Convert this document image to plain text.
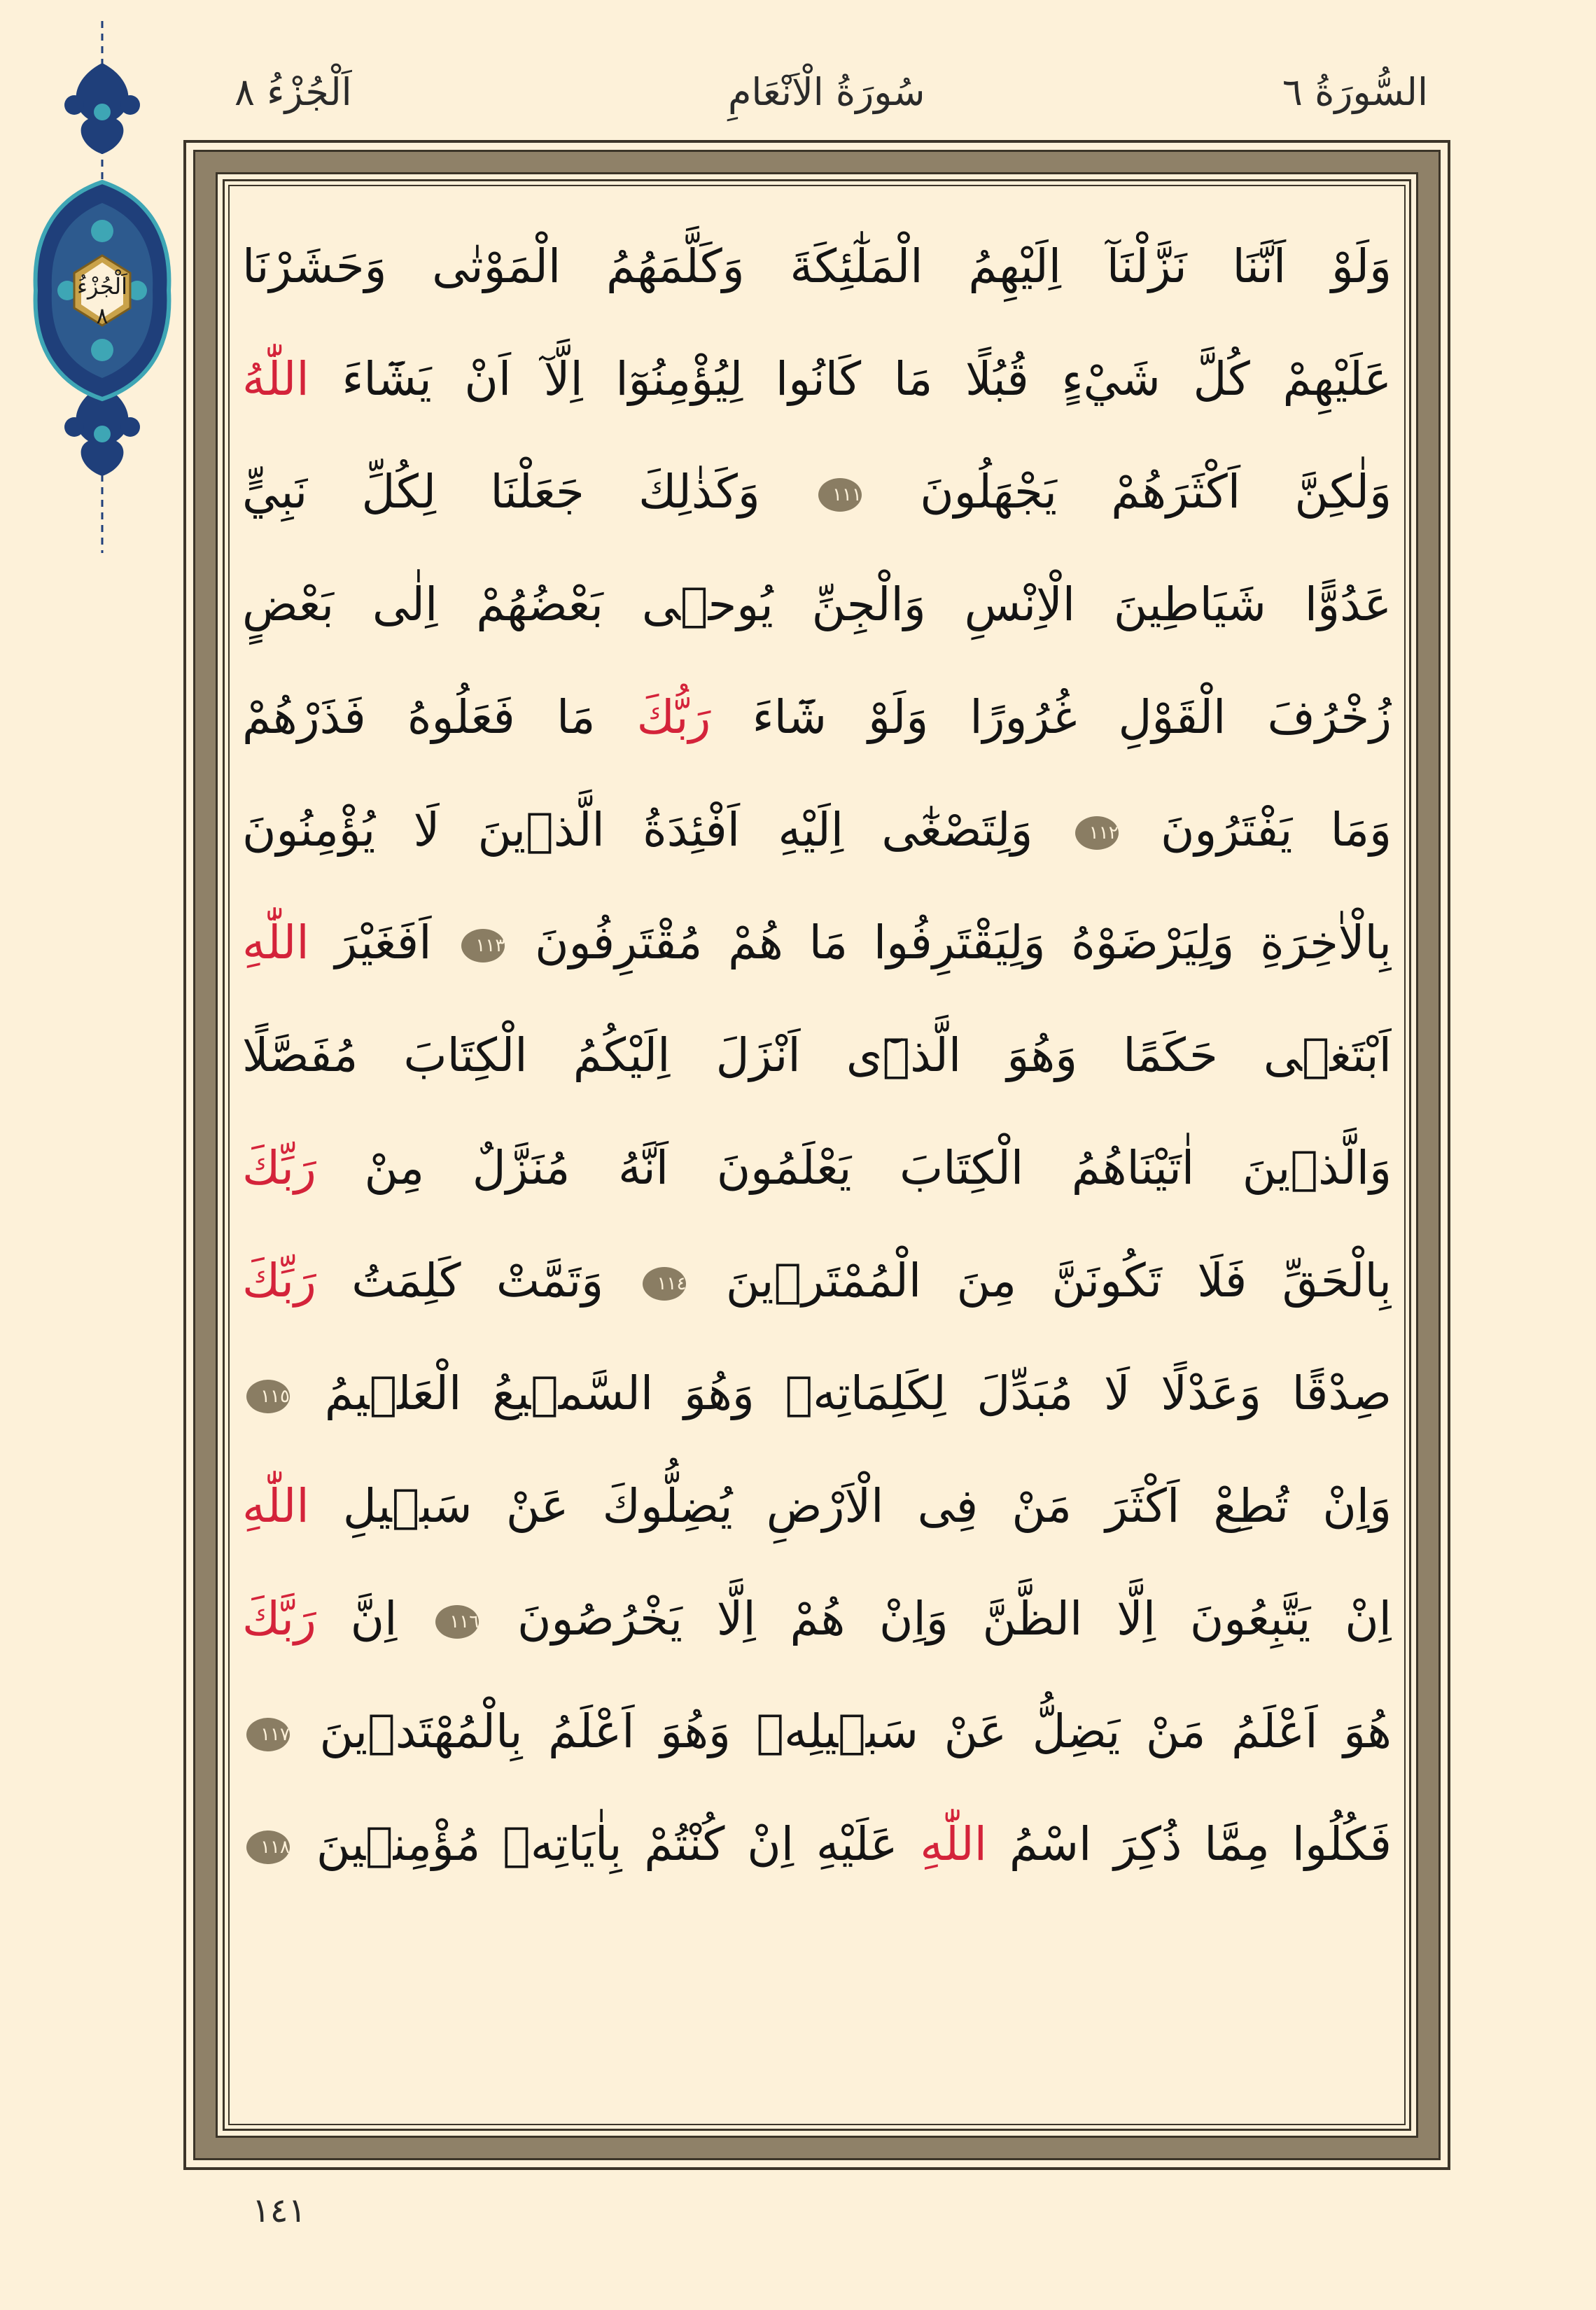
السُّورَةُ ٦
سُورَةُ الْاَنْعَامِ
اَلْجُزْءُ ٨
اَلْجُزْءُ
٨
وَلَوْ اَنَّنَا نَزَّلْنَآ اِلَيْهِمُ الْمَلٰٓئِكَةَ وَكَلَّمَهُمُ الْمَوْتٰى وَحَشَرْنَا
عَلَيْهِمْ كُلَّ شَيْءٍ قُبُلًا مَا كَانُوا لِيُؤْمِنُوٓا اِلَّآ اَنْ يَشَٓاءَ اللّٰهُ
وَلٰكِنَّ اَكْثَرَهُمْ يَجْهَلُونَ ١١١ وَكَذٰلِكَ جَعَلْنَا لِكُلِّ نَبِيٍّ
عَدُوًّا شَيَاطِينَ الْاِنْسِ وَالْجِنِّ يُوحٖى بَعْضُهُمْ اِلٰى بَعْضٍ
زُخْرُفَ الْقَوْلِ غُرُورًا وَلَوْ شَٓاءَ رَبُّكَ مَا فَعَلُوهُ فَذَرْهُمْ
وَمَا يَفْتَرُونَ ١١٢ وَلِتَصْغٰٓى اِلَيْهِ اَفْئِدَةُ الَّذٖينَ لَا يُؤْمِنُونَ
بِالْاٰخِرَةِ وَلِيَرْضَوْهُ وَلِيَقْتَرِفُوا مَا هُمْ مُقْتَرِفُونَ ١١٣ اَفَغَيْرَ اللّٰهِ
اَبْتَغٖى حَكَمًا وَهُوَ الَّذٖٓى اَنْزَلَ اِلَيْكُمُ الْكِتَابَ مُفَصَّلًا
وَالَّذٖينَ اٰتَيْنَاهُمُ الْكِتَابَ يَعْلَمُونَ اَنَّهُ مُنَزَّلٌ مِنْ رَبِّكَ
بِالْحَقِّ فَلَا تَكُونَنَّ مِنَ الْمُمْتَرٖينَ ١١٤ وَتَمَّتْ كَلِمَتُ رَبِّكَ
صِدْقًا وَعَدْلًا لَا مُبَدِّلَ لِكَلِمَاتِهٖ وَهُوَ السَّمٖيعُ الْعَلٖيمُ ١١٥
وَاِنْ تُطِعْ اَكْثَرَ مَنْ فِى الْاَرْضِ يُضِلُّوكَ عَنْ سَبٖيلِ اللّٰهِ
اِنْ يَتَّبِعُونَ اِلَّا الظَّنَّ وَاِنْ هُمْ اِلَّا يَخْرُصُونَ ١١٦ اِنَّ رَبَّكَ
هُوَ اَعْلَمُ مَنْ يَضِلُّ عَنْ سَبٖيلِهٖ وَهُوَ اَعْلَمُ بِالْمُهْتَدٖينَ ١١٧
فَكُلُوا مِمَّا ذُكِرَ اسْمُ اللّٰهِ عَلَيْهِ اِنْ كُنْتُمْ بِاٰيَاتِهٖ مُؤْمِنٖينَ ١١٨
١٤١
